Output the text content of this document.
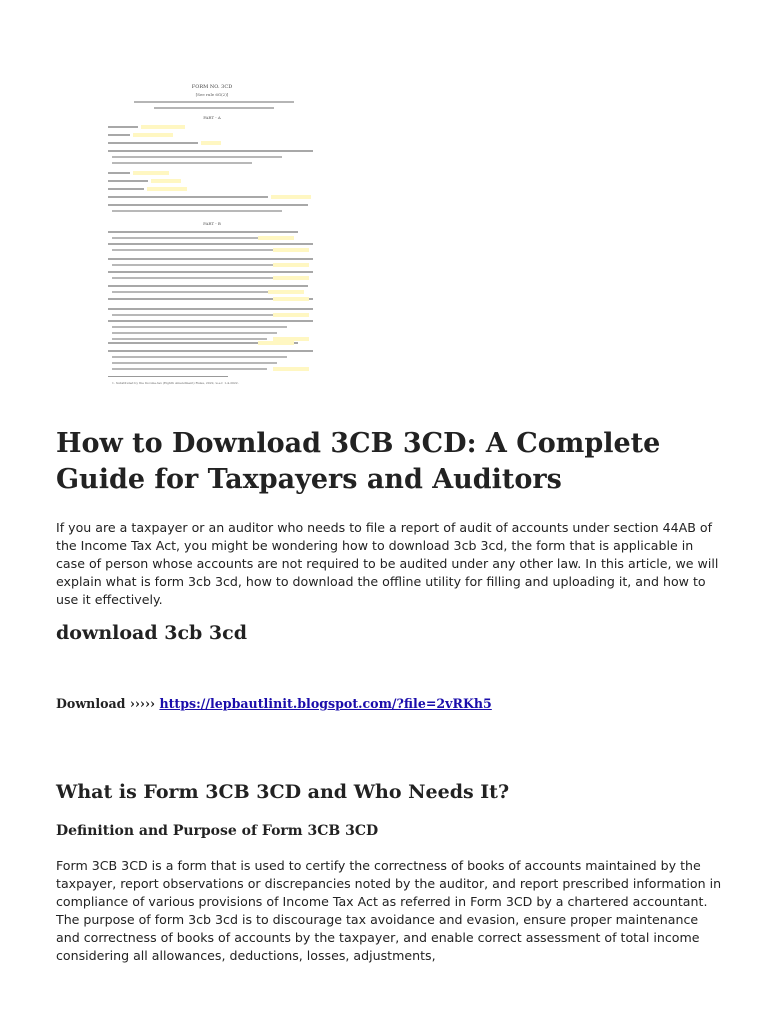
FORM NO. 3CD
[See rule 6G(2)]
PART - A
PART - B
1. Substituted by the Income-tax (Eighth Amendment) Rules, 2022, w.e.f. 1-4-2022.
How to Download 3CB 3CD: A Complete Guide for Taxpayers and Auditors

If you are a taxpayer or an auditor who needs to file a report of audit of accounts under section 44AB of the Income Tax Act, you might be wondering how to download 3cb 3cd, the form that is applicable in case of person whose accounts are not required to be audited under any other law. In this article, we will explain what is form 3cb 3cd, how to download the offline utility for filling and uploading it, and how to use it effectively.

download 3cb 3cd

Download ››››› https://lepbautlinit.blogspot.com/?file=2vRKh5

What is Form 3CB 3CD and Who Needs It?
Definition and Purpose of Form 3CB 3CD

Form 3CB 3CD is a form that is used to certify the correctness of books of accounts maintained by the taxpayer, report observations or discrepancies noted by the auditor, and report prescribed information in compliance of various provisions of Income Tax Act as referred in Form 3CD by a chartered accountant. The purpose of form 3cb 3cd is to discourage tax avoidance and evasion, ensure proper maintenance and correctness of books of accounts by the taxpayer, and enable correct assessment of total income considering all allowances, deductions, losses, adjustments,
